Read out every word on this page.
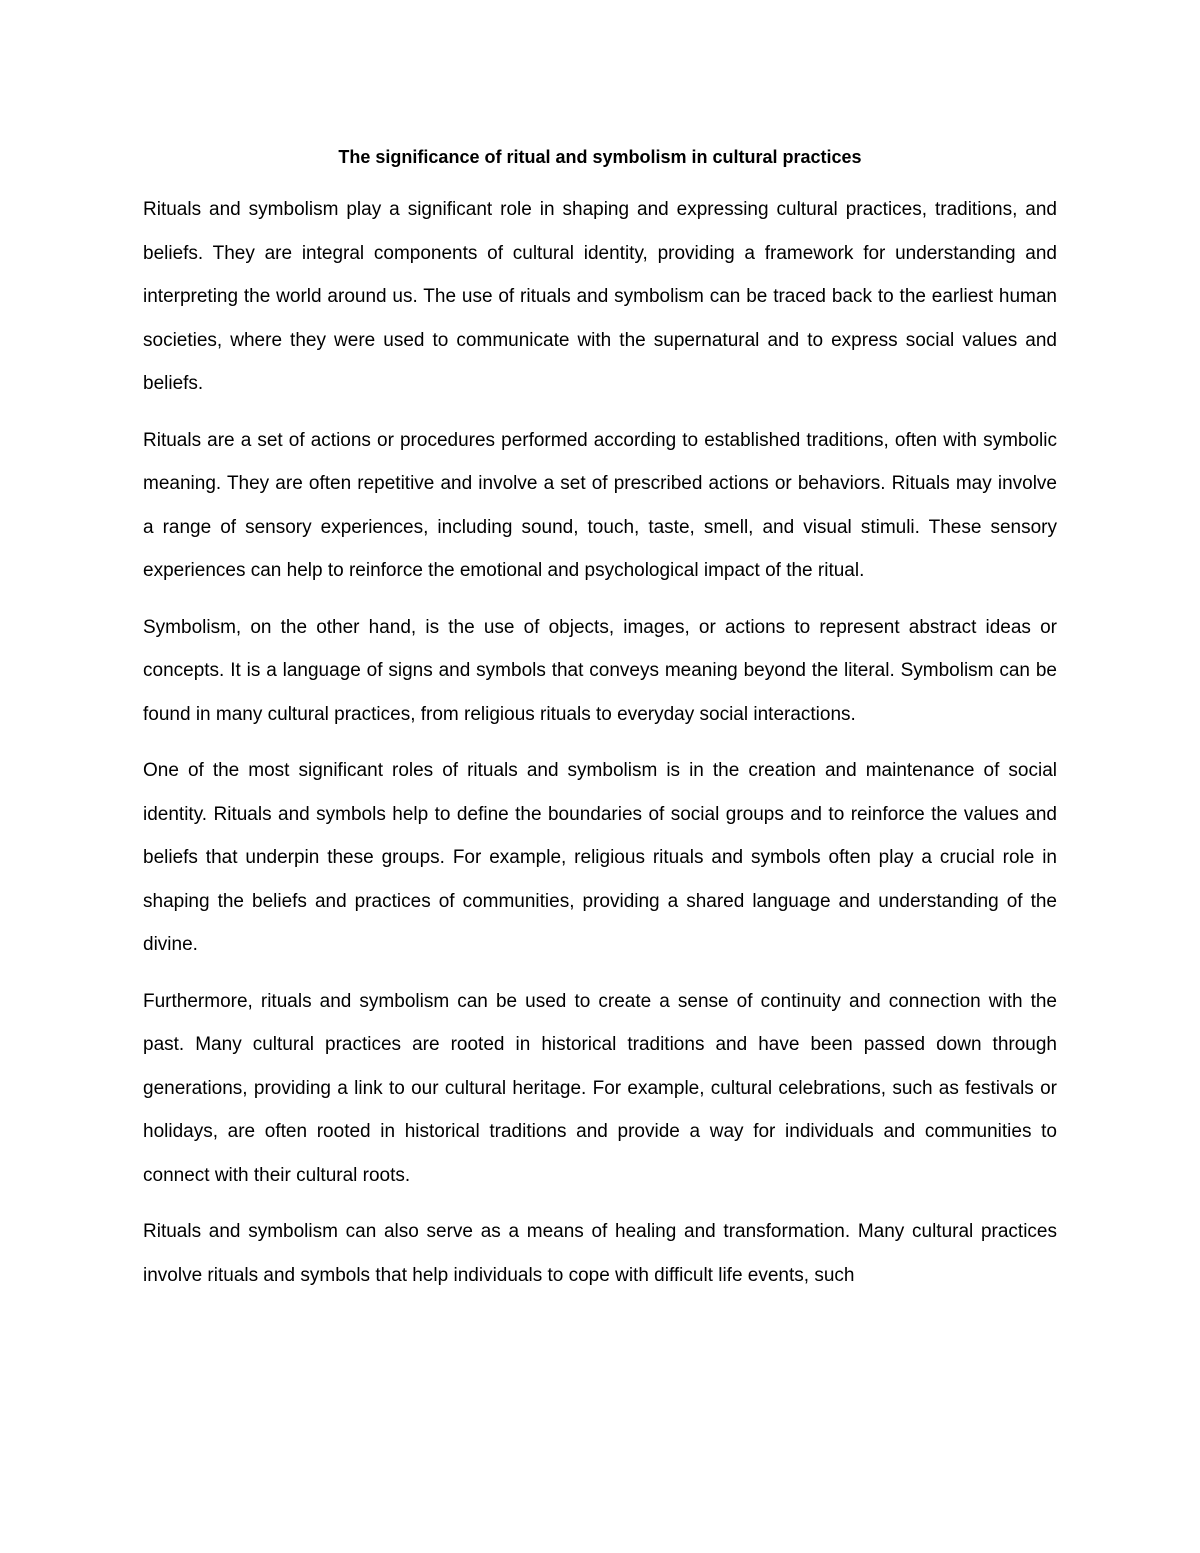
The significance of ritual and symbolism in cultural practices

Rituals and symbolism play a significant role in shaping and expressing cultural practices, traditions, and beliefs. They are integral components of cultural identity, providing a framework for understanding and interpreting the world around us. The use of rituals and symbolism can be traced back to the earliest human societies, where they were used to communicate with the supernatural and to express social values and beliefs.

Rituals are a set of actions or procedures performed according to established traditions, often with symbolic meaning. They are often repetitive and involve a set of prescribed actions or behaviors. Rituals may involve a range of sensory experiences, including sound, touch, taste, smell, and visual stimuli. These sensory experiences can help to reinforce the emotional and psychological impact of the ritual.

Symbolism, on the other hand, is the use of objects, images, or actions to represent abstract ideas or concepts. It is a language of signs and symbols that conveys meaning beyond the literal. Symbolism can be found in many cultural practices, from religious rituals to everyday social interactions.

One of the most significant roles of rituals and symbolism is in the creation and maintenance of social identity. Rituals and symbols help to define the boundaries of social groups and to reinforce the values and beliefs that underpin these groups. For example, religious rituals and symbols often play a crucial role in shaping the beliefs and practices of communities, providing a shared language and understanding of the divine.

Furthermore, rituals and symbolism can be used to create a sense of continuity and connection with the past. Many cultural practices are rooted in historical traditions and have been passed down through generations, providing a link to our cultural heritage. For example, cultural celebrations, such as festivals or holidays, are often rooted in historical traditions and provide a way for individuals and communities to connect with their cultural roots.

Rituals and symbolism can also serve as a means of healing and transformation. Many cultural practices involve rituals and symbols that help individuals to cope with difficult life events, such
